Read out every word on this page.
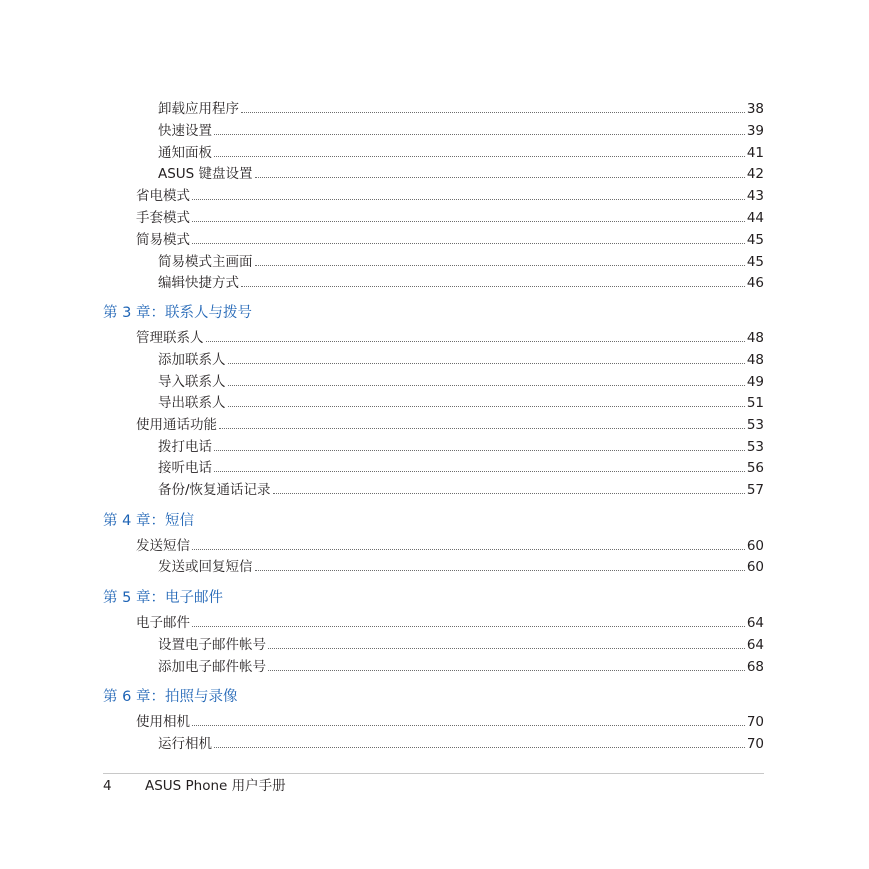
卸载应用程序	38
快速设置	39
通知面板	41
ASUS 键盘设置	42
省电模式	43
手套模式	44
简易模式	45
简易模式主画面	45
编辑快捷方式	46
第 3 章：联系人与拨号
管理联系人	48
添加联系人	48
导入联系人	49
导出联系人	51
使用通话功能	53
拨打电话	53
接听电话	56
备份/恢复通话记录	57
第 4 章：短信
发送短信	60
发送或回复短信	60
第 5 章：电子邮件
电子邮件	64
设置电子邮件帐号	64
添加电子邮件帐号	68
第 6 章：拍照与录像
使用相机	70
运行相机	70
4 ASUS Phone 用户手册
